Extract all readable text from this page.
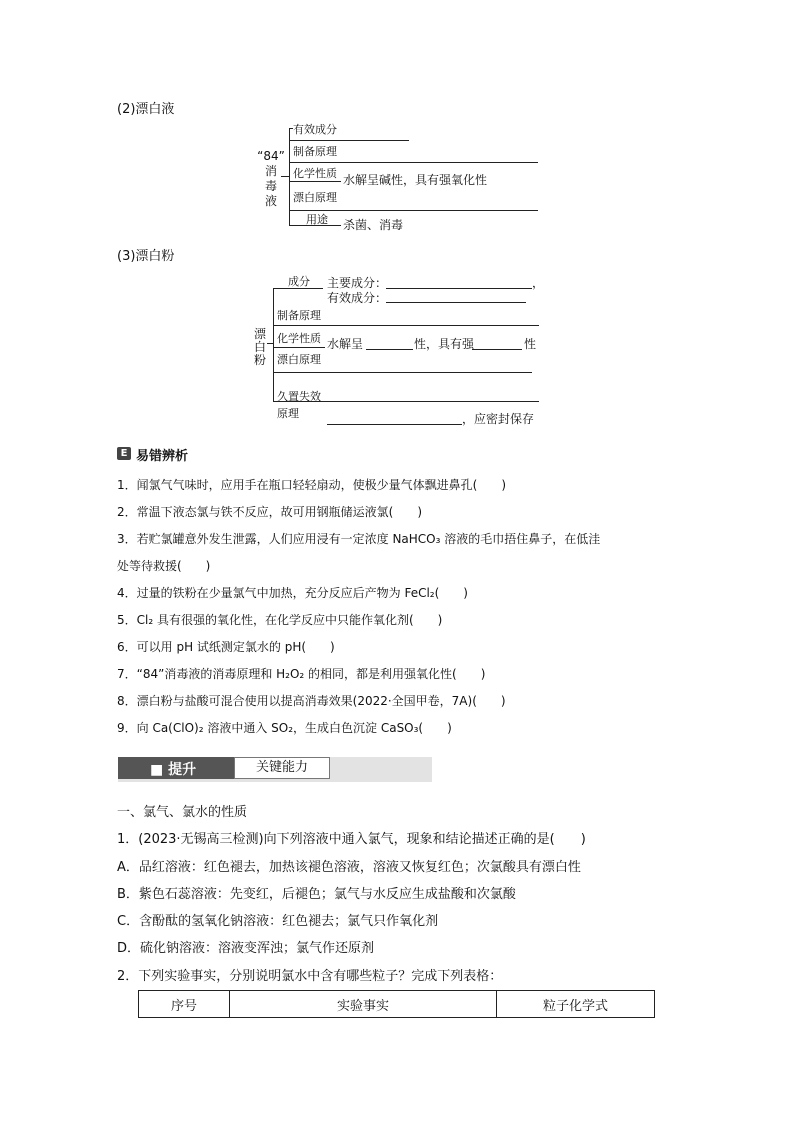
(2)漂白液
“84”
消
毒
液
有效成分
制备原理
化学性质 水解呈碱性，具有强氧化性
漂白原理
用途 杀菌、消毒
(3)漂白粉
漂
白
粉
成分 主要成分：	，
有效成分：
制备原理
化学性质 水解呈	性，具有强	性
漂白原理
久置失效
原理	，应密封保存
E 易错辨析
1．闻氯气气味时，应用手在瓶口轻轻扇动，使极少量气体飘进鼻孔(　　)
2．常温下液态氯与铁不反应，故可用钢瓶储运液氯(　　)
3．若贮氯罐意外发生泄露，人们应用浸有一定浓度 NaHCO₃ 溶液的毛巾捂住鼻子，在低洼
处等待救援(　　)
4．过量的铁粉在少量氯气中加热，充分反应后产物为 FeCl₂(　　)
5．Cl₂ 具有很强的氧化性，在化学反应中只能作氧化剂(　　)
6．可以用 pH 试纸测定氯水的 pH(　　)
7．“84”消毒液的消毒原理和 H₂O₂ 的相同，都是利用强氧化性(　　)
8．漂白粉与盐酸可混合使用以提高消毒效果(2022·全国甲卷，7A)(　　)
9．向 Ca(ClO)₂ 溶液中通入 SO₂，生成白色沉淀 CaSO₃(　　)
■ 提升	关键能力
一、氯气、氯水的性质
1．(2023·无锡高三检测)向下列溶液中通入氯气，现象和结论描述正确的是(　　)
A．品红溶液：红色褪去，加热该褪色溶液，溶液又恢复红色；次氯酸具有漂白性
B．紫色石蕊溶液：先变红，后褪色；氯气与水反应生成盐酸和次氯酸
C．含酚酞的氢氧化钠溶液：红色褪去；氯气只作氧化剂
D．硫化钠溶液：溶液变浑浊；氯气作还原剂
2．下列实验事实，分别说明氯水中含有哪些粒子？完成下列表格：
序号	实验事实	粒子化学式
